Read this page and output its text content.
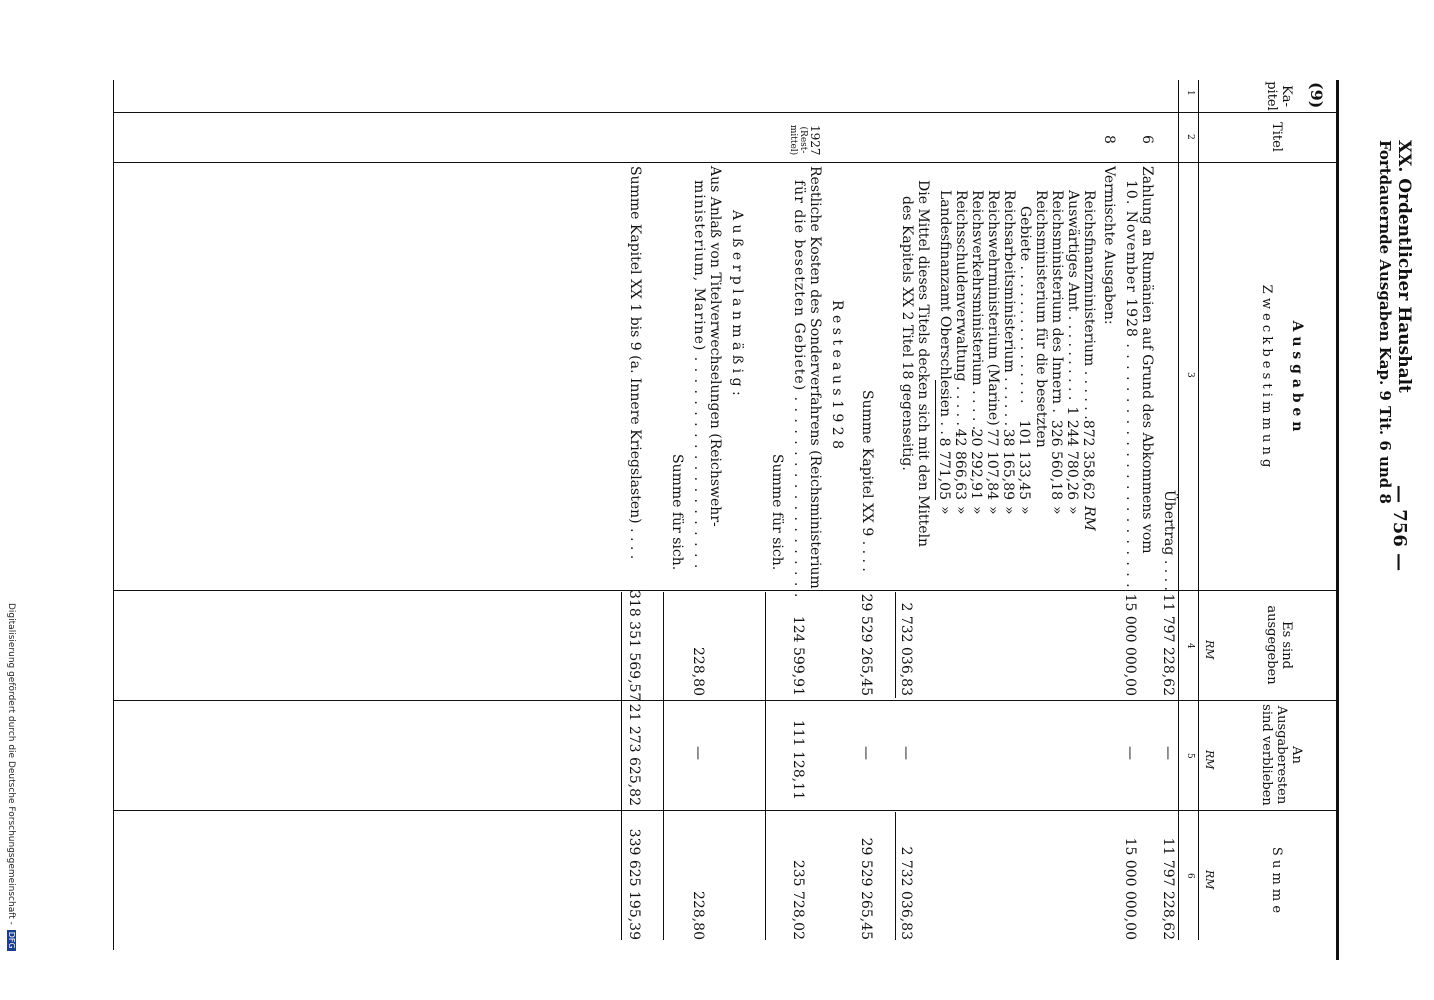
XX. Ordentlicher Haushalt
Fortdauernde Ausgaben Kap. 9 Tit. 6 und 8
— 756 —
Ka-
pitel
Titel
A u s g a b e n
Z w e c k b e s t i m m u n g
Es sind
ausgegeben
An
Ausgaberesten
sind verblieben
S u m m e
RM
RM
RM
1
2
3
4
5
6
(9)
Übertrag . . . .
11 797 228,62
—
11 797 228,62
6
Zahlung an Rumänien auf Grund des Abkommens vom
10. November 1928 . . . . . . . . . . . . . . . . . . . . . . .
15 000 000,00
—
15 000 000,00
8
Vermischte Ausgaben:
Reichsfinanzministerium . . . . . .
872 358,62
RM
Auswärtiges Amt . . . . . . . . . .
1 244 780,26
»
Reichsministerium des Innern .
326 560,18
»
Reichsministerium für die besetzten
Gebiete . . . . . . . . . . . . . . . .
101 133,45
»
Reichsarbeitsministerium . . . . . .
38 165,89
»
Reichswehrministerium (Marine)
77 107,84
»
Reichsverkehrsministerium . . . . .
20 292,91
»
Reichsschuldenverwaltung . . . . .
42 866,63
»
Landesfinanzamt Oberschlesien . .
8 771,05
»
Die Mittel dieses Titels decken sich mit den Mitteln
des Kapitels XX 2 Titel 18 gegenseitig.
2 732 036,83
—
2 732 036,83
Summe Kapitel XX 9 . . . .
29 529 265,45
—
29 529 265,45
R e s t e a u s 1 9 2 8
1927
(Rest-
mittel)
Restliche Kosten des Sonderverfahrens (Reichsministerium
für die besetzten Gebiete) . . . . . . . . . . . . . . . . . . .
Summe für sich.
124 599,91
111 128,11
235 728,02
A u ß e r p l a n m ä ß i g :
Aus Anlaß von Titelverwechselungen (Reichswehr-
ministerium, Marine) . . . . . . . . . . . . . . . . . . . .
Summe für sich.
228,80
—
228,80
Summe Kapitel XX 1 bis 9 (a. Innere Kriegslasten) . . . .
318 351 569,57
21 273 625,82
339 625 195,39
Digitalisierung gefördert durch die Deutsche Forschungsgemeinschaft - DFG
